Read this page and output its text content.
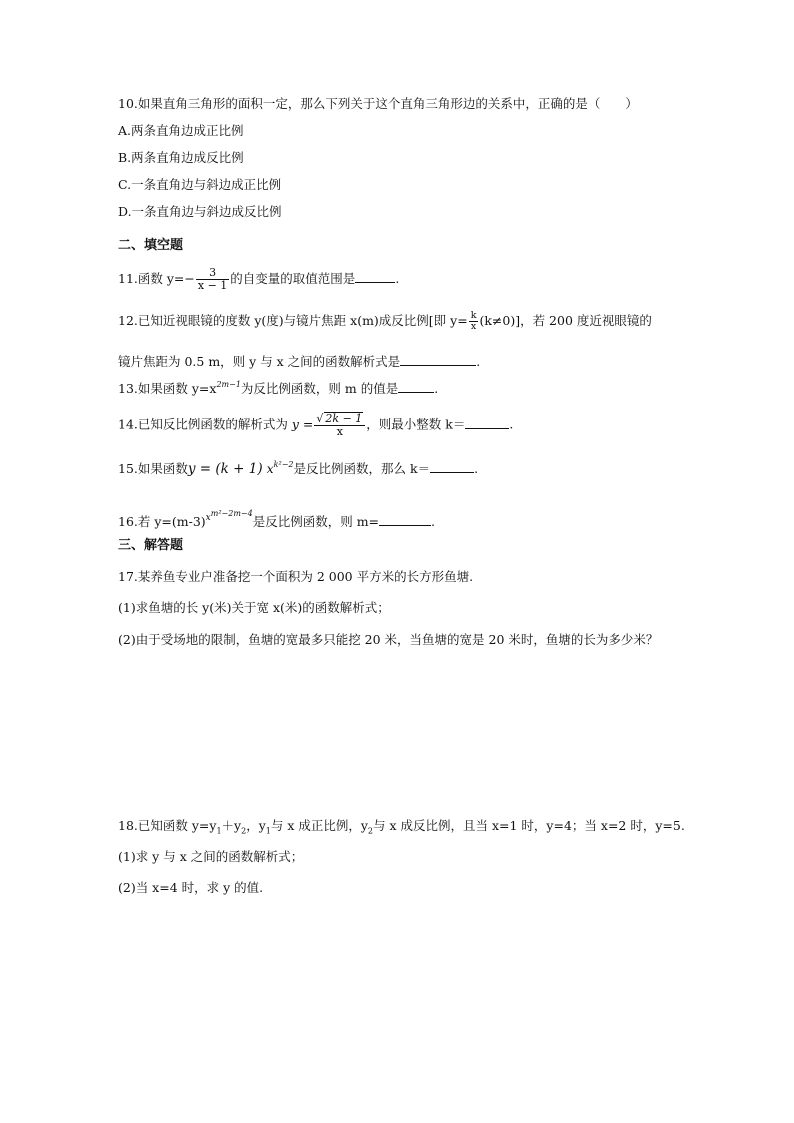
10.如果直角三角形的面积一定，那么下列关于这个直角三角形边的关系中，正确的是（　　）
A.两条直角边成正比例
B.两条直角边成反比例
C.一条直角边与斜边成正比例
D.一条直角边与斜边成反比例
二、填空题
11.函数 $y=- \frac{3}{x - 1}$ 的自变量的取值范围是	.
12.已知近视眼镜的度数 y(度)与镜片焦距 x(m)成反比例[即 $y= \frac{k}{x} (k\ne 0)$]，若 200 度近视眼镜的
镜片焦距为 0.5 m，则 y 与 x 之间的函数解析式是	.
13.如果函数 $y=x^{2m-1}$为反比例函数，则 m 的值是	.
14.已知反比例函数的解析式为 $y = \frac{√ 2k - 1}{x}$ ，则最小整数 k＝	.
15.如果函数y = (k + 1) $x^{k^2-2}$是反比例函数，那么 k＝	.
16.若 $y=(m-3)^{xm^2-2m-4}$是反比例函数，则 m=	.
三、解答题
17.某养鱼专业户准备挖一个面积为 2 000 平方米的长方形鱼塘.
(1)求鱼塘的长 y(米)关于宽 x(米)的函数解析式；
(2)由于受场地的限制，鱼塘的宽最多只能挖 20 米，当鱼塘的宽是 20 米时，鱼塘的长为多少米？
18.已知函数 $y=y_1+y_2$，$y_1$与 x 成正比例，$y_2$与 x 成反比例，且当 x=1 时，y=4；当 x=2 时，y=5.
(1)求 y 与 x 之间的函数解析式；
(2)当 x=4 时，求 y 的值.
